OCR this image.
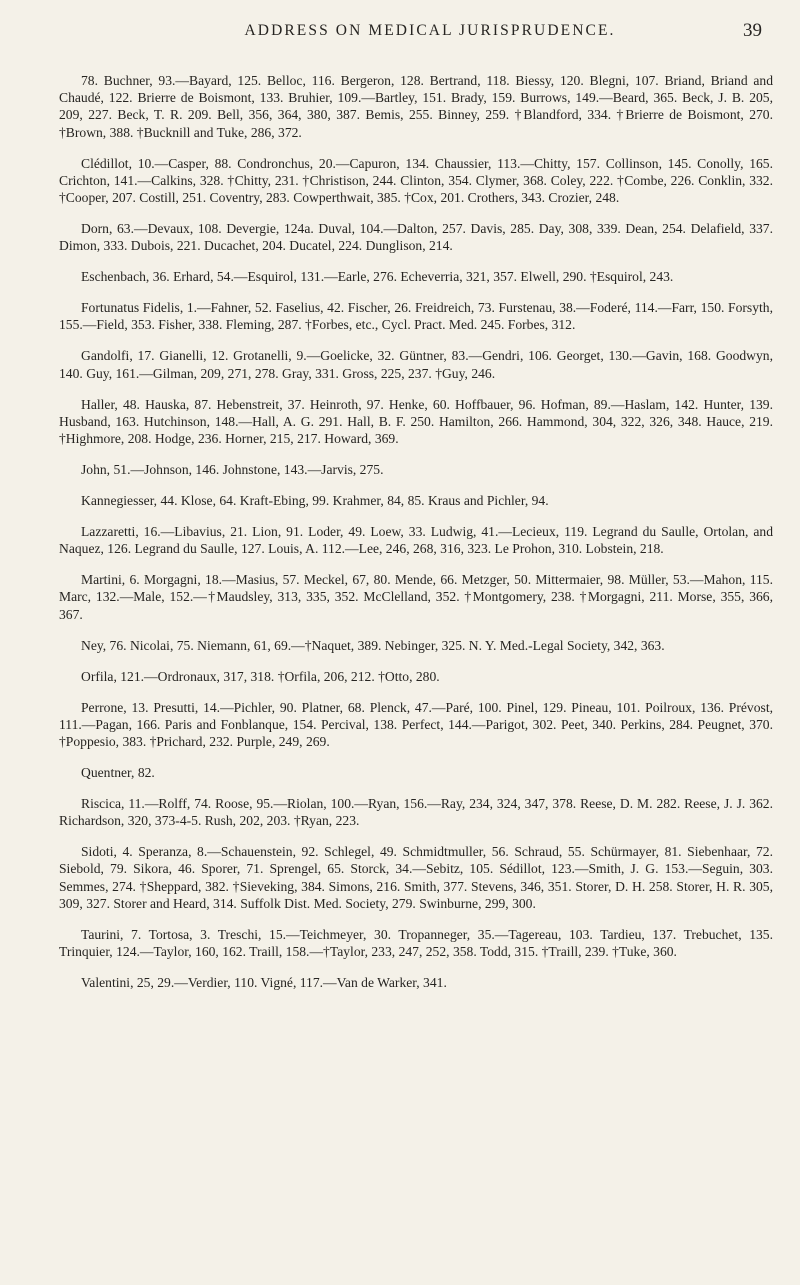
ADDRESS ON MEDICAL JURISPRUDENCE.	39

78. Buchner, 93.—Bayard, 125. Belloc, 116. Bergeron, 128. Bertrand, 118. Biessy, 120. Blegni, 107. Briand, Briand and Chaudé, 122. Brierre de Boismont, 133. Bruhier, 109.—Bartley, 151. Brady, 159. Burrows, 149.—Beard, 365. Beck, J. B. 205, 209, 227. Beck, T. R. 209. Bell, 356, 364, 380, 387. Bemis, 255. Binney, 259. †Blandford, 334. †Brierre de Boismont, 270. †Brown, 388. †Bucknill and Tuke, 286, 372.

Clédillot, 10.—Casper, 88. Condronchus, 20.—Capuron, 134. Chaussier, 113.—Chitty, 157. Collinson, 145. Conolly, 165. Crichton, 141.—Calkins, 328. †Chitty, 231. †Christison, 244. Clinton, 354. Clymer, 368. Coley, 222. †Combe, 226. Conklin, 332. †Cooper, 207. Costill, 251. Coventry, 283. Cowperthwait, 385. †Cox, 201. Crothers, 343. Crozier, 248.

Dorn, 63.—Devaux, 108. Devergie, 124a. Duval, 104.—Dalton, 257. Davis, 285. Day, 308, 339. Dean, 254. Delafield, 337. Dimon, 333. Dubois, 221. Ducachet, 204. Ducatel, 224. Dunglison, 214.

Eschenbach, 36. Erhard, 54.—Esquirol, 131.—Earle, 276. Echeverria, 321, 357. Elwell, 290. †Esquirol, 243.

Fortunatus Fidelis, 1.—Fahner, 52. Faselius, 42. Fischer, 26. Freidreich, 73. Furstenau, 38.—Foderé, 114.—Farr, 150. Forsyth, 155.—Field, 353. Fisher, 338. Fleming, 287. †Forbes, etc., Cycl. Pract. Med. 245. Forbes, 312.

Gandolfi, 17. Gianelli, 12. Grotanelli, 9.—Goelicke, 32. Güntner, 83.—Gendri, 106. Georget, 130.—Gavin, 168. Goodwyn, 140. Guy, 161.—Gilman, 209, 271, 278. Gray, 331. Gross, 225, 237. †Guy, 246.

Haller, 48. Hauska, 87. Hebenstreit, 37. Heinroth, 97. Henke, 60. Hoffbauer, 96. Hofman, 89.—Haslam, 142. Hunter, 139. Husband, 163. Hutchinson, 148.—Hall, A. G. 291. Hall, B. F. 250. Hamilton, 266. Hammond, 304, 322, 326, 348. Hauce, 219. †Highmore, 208. Hodge, 236. Horner, 215, 217. Howard, 369.

John, 51.—Johnson, 146. Johnstone, 143.—Jarvis, 275.

Kannegiesser, 44. Klose, 64. Kraft-Ebing, 99. Krahmer, 84, 85. Kraus and Pichler, 94.

Lazzaretti, 16.—Libavius, 21. Lion, 91. Loder, 49. Loew, 33. Ludwig, 41.—Lecieux, 119. Legrand du Saulle, Ortolan, and Naquez, 126. Legrand du Saulle, 127. Louis, A. 112.—Lee, 246, 268, 316, 323. Le Prohon, 310. Lobstein, 218.

Martini, 6. Morgagni, 18.—Masius, 57. Meckel, 67, 80. Mende, 66. Metzger, 50. Mittermaier, 98. Müller, 53.—Mahon, 115. Marc, 132.—Male, 152.—†Maudsley, 313, 335, 352. McClelland, 352. †Montgomery, 238. †Morgagni, 211. Morse, 355, 366, 367.

Ney, 76. Nicolai, 75. Niemann, 61, 69.—†Naquet, 389. Nebinger, 325. N. Y. Med.-Legal Society, 342, 363.

Orfila, 121.—Ordronaux, 317, 318. †Orfila, 206, 212. †Otto, 280.

Perrone, 13. Presutti, 14.—Pichler, 90. Platner, 68. Plenck, 47.—Paré, 100. Pinel, 129. Pineau, 101. Poilroux, 136. Prévost, 111.—Pagan, 166. Paris and Fonblanque, 154. Percival, 138. Perfect, 144.—Parigot, 302. Peet, 340. Perkins, 284. Peugnet, 370. †Poppesio, 383. †Prichard, 232. Purple, 249, 269.

Quentner, 82.

Riscica, 11.—Rolff, 74. Roose, 95.—Riolan, 100.—Ryan, 156.—Ray, 234, 324, 347, 378. Reese, D. M. 282. Reese, J. J. 362. Richardson, 320, 373-4-5. Rush, 202, 203. †Ryan, 223.

Sidoti, 4. Speranza, 8.—Schauenstein, 92. Schlegel, 49. Schmidtmuller, 56. Schraud, 55. Schürmayer, 81. Siebenhaar, 72. Siebold, 79. Sikora, 46. Sporer, 71. Sprengel, 65. Storck, 34.—Sebitz, 105. Sédillot, 123.—Smith, J. G. 153.—Seguin, 303. Semmes, 274. †Sheppard, 382. †Sieveking, 384. Simons, 216. Smith, 377. Stevens, 346, 351. Storer, D. H. 258. Storer, H. R. 305, 309, 327. Storer and Heard, 314. Suffolk Dist. Med. Society, 279. Swinburne, 299, 300.

Taurini, 7. Tortosa, 3. Treschi, 15.—Teichmeyer, 30. Tropanneger, 35.—Tagereau, 103. Tardieu, 137. Trebuchet, 135. Trinquier, 124.—Taylor, 160, 162. Traill, 158.—†Taylor, 233, 247, 252, 358. Todd, 315. †Traill, 239. †Tuke, 360.

Valentini, 25, 29.—Verdier, 110. Vigné, 117.—Van de Warker, 341.
